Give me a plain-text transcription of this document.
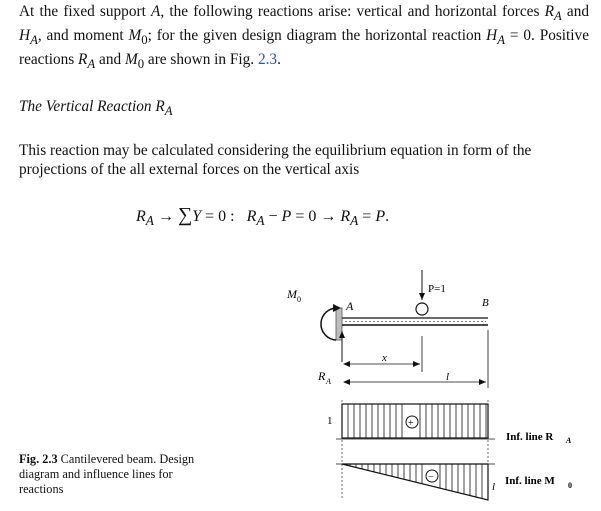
At the fixed support A, the following reactions arise: vertical and horizontal forces $R_A$ and $H_A$, and moment $M_0$; for the given design diagram the horizontal reaction $H_A = 0$. Positive reactions $R_A$ and $M_0$ are shown in Fig. 2.3.

The Vertical Reaction $R_A$

This reaction may be calculated considering the equilibrium equation in form of the projections of the all external forces on the vertical axis

$R_A \to \sum Y = 0$ :   $R_A - P = 0 \to R_A = P$.

M 0	A
P=1
B
R A
x
l
+
1
Inf. line R A
−
l Inf. line M 0

Fig. 2.3 Cantilevered beam. Design diagram and influence lines for reactions
